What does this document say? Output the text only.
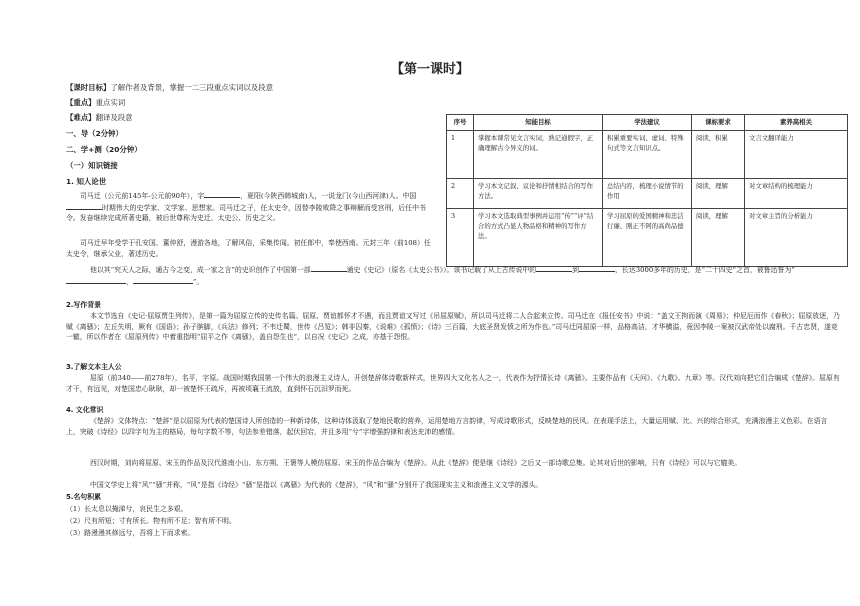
【第一课时】
【课时目标】了解作者及背景，掌握一二三段重点实词以及段意
【重点】重点实词
【难点】翻译及段意
一、导（2分钟）
二、学+测（20分钟）
（一）知识链接
1. 知人论世
序号	知能目标	学法建议	课标要求	素养高相关
1	掌握本课常见文言实词，熟记通假字，正确理解古今异义的词。	积累重要实词、虚词、特殊句式等文言知识点。	阅读，积累	文言文翻译能力
2	学习本文记叙、议论和抒情相结合的写作方法。	总结内容，梳理小说情节的作用	阅读，理解	对文章结构的梳理能力
3	学习本文选取典型事例并运用“传”“评”结合的方式凸显人物品格和精神的写作方法。	学习屈原的爱国精神和忠洁行廉、刚正不阿的高尚品德	阅读，理解	对文章主旨的分析能力
司马迁（公元前145年-公元前90年），字	，夏阳(今陕西韩城南)人，一说龙门(今山西河津)人。中国时期伟大的史学家、文学家、思想家。司马迁之子，任太史令，因替李陵败降之事辩解而受宫刑，后任中书令。发奋继续完成所著史籍，被后世尊称为史迁、太史公、历史之父。
司马迁早年受学于孔安国、董仲舒，漫游各地，了解风俗，采集传闻。初任郎中，奉使西南。元封三年（前108）任太史令，继承父业，著述历史。
他以其“究天人之际，通古今之变，成一家之言”的史识创作了中国第一部	通史《史记》（原名《太史公书》）。该书记载了从上古传说中的	到	，长达3000多年的历史，是“二十四史”之首，被鲁迅誉为“，	”。
2.写作背景
本文节选自《史记·屈原贾生列传》，是第一篇为屈原立传的史传名篇。屈原、贾谊都怀才不遇，而且贾谊又写过《吊屈原赋》，所以司马迁将二人合起来立传。司马迁在《报任安书》中说：“盖文王拘而演《周易》；仲尼厄而作《春秋》；屈原放逐，乃赋《离骚》；左丘失明，厥有《国语》；孙子膑脚，《兵法》修列；不韦迁蜀，世传《吕览》；韩非囚秦，《说难》《孤愤》；《诗》三百篇，大底圣贤发愤之所为作也。”司马迁同屈原一样，品格高洁，才华横溢，竟因李陵一案被汉武帝处以腐刑。千古忠贤，遂竞一辙，所以作者在《屈原列传》中着重指明“屈平之作《离骚》，盖自怨生也”，以自况《史记》之成，亦基于怨恨。
3.了解文本主人公
屈原（前340——前278年），名平，字原。战国时期我国第一个伟大的浪漫主义诗人，开创楚辞体诗歌新样式，世界四大文化名人之一，代表作为抒情长诗《离骚》。主要作品有《天问》、《九歌》、九章》等。汉代刘向把它们合编成《楚辞》。屈原有才干，有远见，对楚国忠心耿耿，却一被楚怀王疏斥，再被顷襄王流放，直到怀石沉汨罗而死。
4. 文化常识
《楚辞》文体特点：“楚辞”是以屈原为代表的楚国诗人所创造的一种新诗体，这种诗体汲取了楚地民歌的营养，运用楚地方言韵律，写成诗歌形式，反映楚地的民风。在表现手法上，大量运用赋、比、兴的综合形式，充满浪漫主义色彩。在语言上，突破《诗经》以四字句为主的格局，每句字数不等，句法参差错落，起伏回宕，并且多用“兮”字增强韵律和表达充沛的感情。
西汉时期，刘向将屈原、宋玉的作品及汉代淮南小山、东方朔、王褒等人模仿屈原、宋玉的作品合编为《楚辞》。从此《楚辞》便是继《诗经》之后又一部诗歌总集。论其对后世的影响，只有《诗经》可以与它媲美。
中国文学史上将“风”“骚”并称，“风”是指《诗经》“骚”是指以《离骚》为代表的《楚辞》，“风”和“骚”分别开了我国现实主义和浪漫主义文学的源头。
5.名句积累
（1）长太息以掩涕兮，哀民生之多艰。
（2）尺有所短；寸有所长。物有所不足；智有所不明。
（3）路漫漫其修远兮，吾将上下而求索。
